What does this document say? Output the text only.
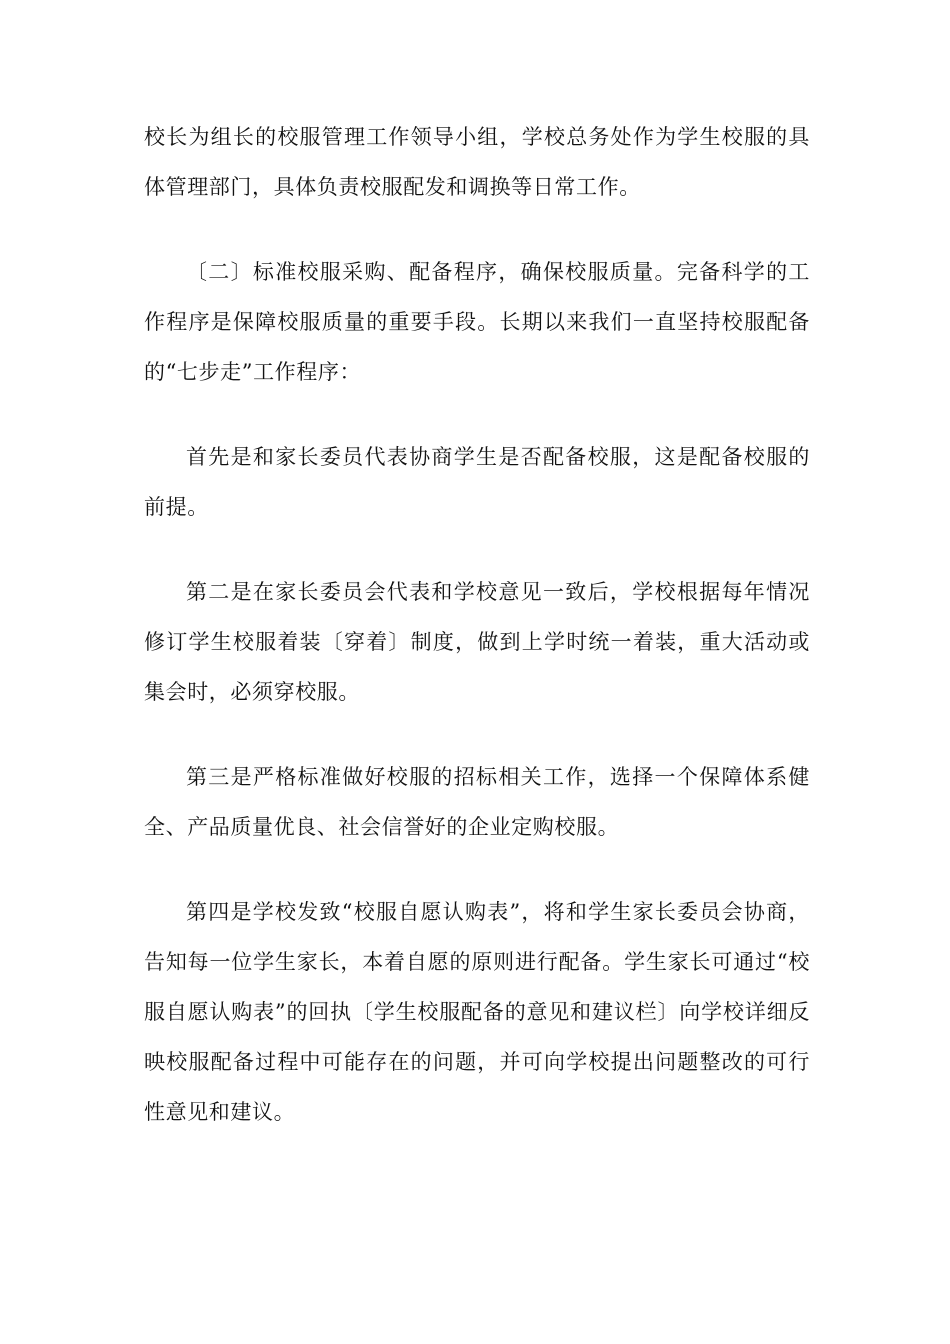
校长为组长的校服管理工作领导小组，学校总务处作为学生校服的具体管理部门，具体负责校服配发和调换等日常工作。

〔二〕标准校服采购、配备程序，确保校服质量。完备科学的工作程序是保障校服质量的重要手段。长期以来我们一直坚持校服配备的“七步走”工作程序：

首先是和家长委员代表协商学生是否配备校服，这是配备校服的前提。

第二是在家长委员会代表和学校意见一致后，学校根据每年情况修订学生校服着装〔穿着〕制度，做到上学时统一着装，重大活动或集会时，必须穿校服。

第三是严格标准做好校服的招标相关工作，选择一个保障体系健全、产品质量优良、社会信誉好的企业定购校服。

第四是学校发致“校服自愿认购表”，将和学生家长委员会协商，告知每一位学生家长，本着自愿的原则进行配备。学生家长可通过“校服自愿认购表”的回执〔学生校服配备的意见和建议栏〕向学校详细反映校服配备过程中可能存在的问题，并可向学校提出问题整改的可行性意见和建议。
